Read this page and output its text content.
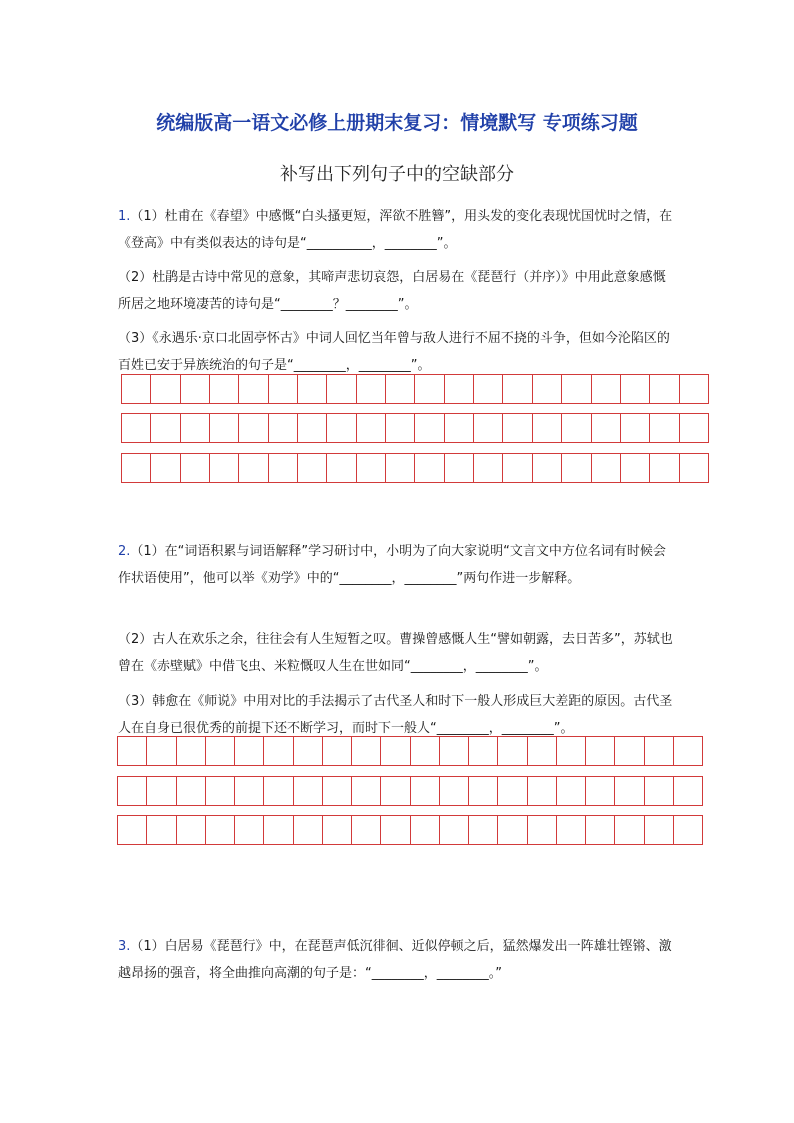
统编版高一语文必修上册期末复习：情境默写 专项练习题
补写出下列句子中的空缺部分
1.（1）杜甫在《春望》中感慨“白头搔更短，浑欲不胜簪”，用头发的变化表现忧国忧时之情，在《登高》中有类似表达的诗句是“__________，________”。
（2）杜鹃是古诗中常见的意象，其啼声悲切哀怨，白居易在《琵琶行（并序）》中用此意象感慨所居之地环境凄苦的诗句是“________？________”。
（3）《永遇乐·京口北固亭怀古》中词人回忆当年曾与敌人进行不屈不挠的斗争，但如今沦陷区的百姓已安于异族统治的句子是“________，________”。
2.（1）在“词语积累与词语解释”学习研讨中，小明为了向大家说明“文言文中方位名词有时候会作状语使用”，他可以举《劝学》中的“________，________”两句作进一步解释。
（2）古人在欢乐之余，往往会有人生短暂之叹。曹操曾感慨人生“譬如朝露，去日苦多”，苏轼也曾在《赤壁赋》中借飞虫、米粒慨叹人生在世如同“________，________”。
（3）韩愈在《师说》中用对比的手法揭示了古代圣人和时下一般人形成巨大差距的原因。古代圣人在自身已很优秀的前提下还不断学习，而时下一般人“________，________”。
3.（1）白居易《琵琶行》中，在琵琶声低沉徘徊、近似停顿之后，猛然爆发出一阵雄壮铿锵、激越昂扬的强音，将全曲推向高潮的句子是：“________，________。”
